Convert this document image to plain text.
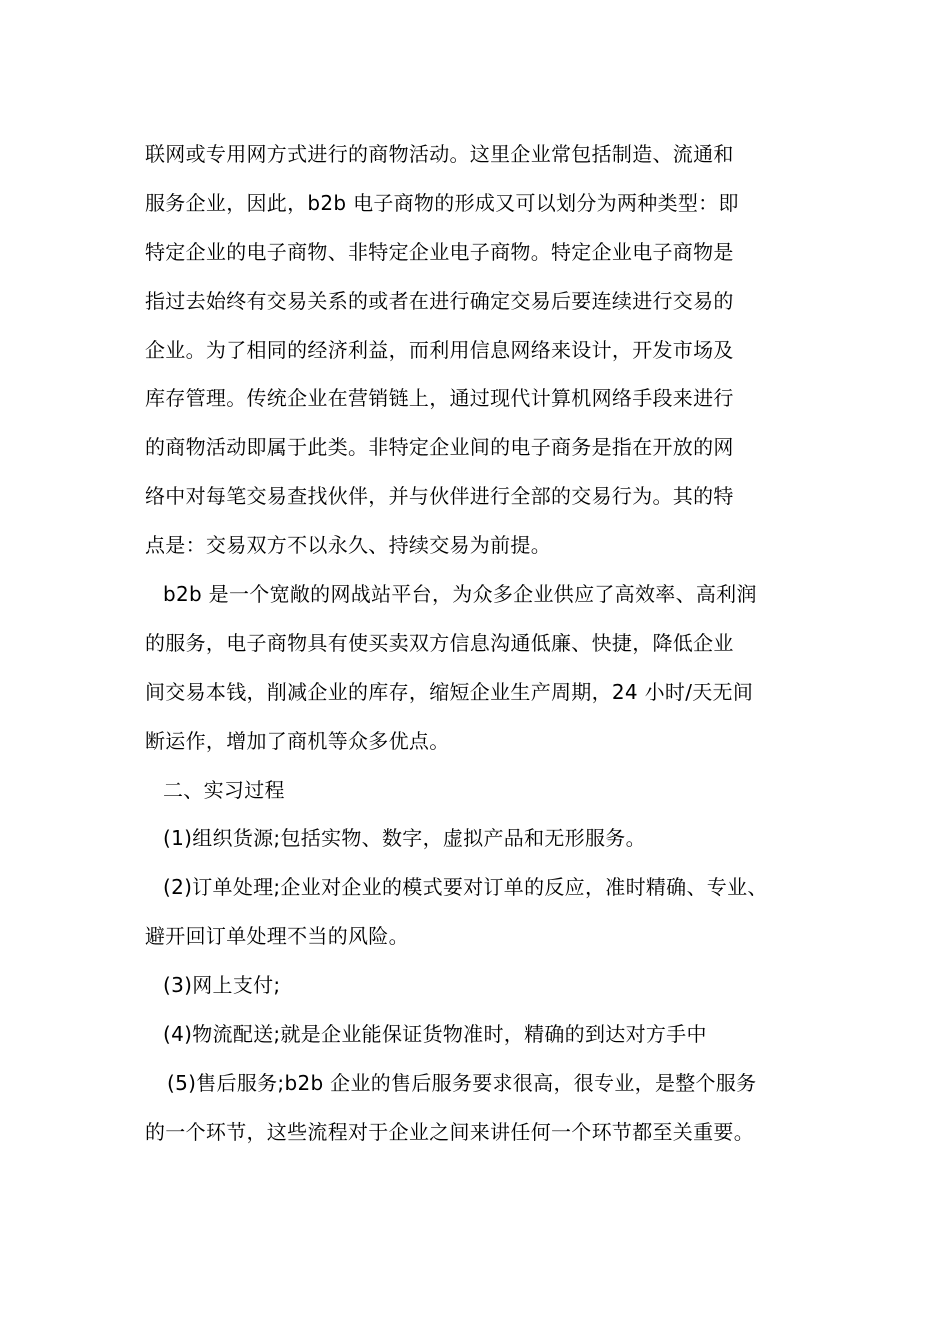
联网或专用网方式进行的商物活动。这里企业常包括制造、流通和
服务企业，因此，b2b 电子商物的形成又可以划分为两种类型：即
特定企业的电子商物、非特定企业电子商物。特定企业电子商物是
指过去始终有交易关系的或者在进行确定交易后要连续进行交易的
企业。为了相同的经济利益，而利用信息网络来设计，开发市场及
库存管理。传统企业在营销链上，通过现代计算机网络手段来进行
的商物活动即属于此类。非特定企业间的电子商务是指在开放的网
络中对每笔交易查找伙伴，并与伙伴进行全部的交易行为。其的特
点是：交易双方不以永久、持续交易为前提。
b2b 是一个宽敞的网战站平台，为众多企业供应了高效率、高利润
的服务，电子商物具有使买卖双方信息沟通低廉、快捷，降低企业
间交易本钱，削减企业的库存，缩短企业生产周期，24 小时/天无间
断运作，增加了商机等众多优点。
二、实习过程
(1)组织货源;包括实物、数字，虚拟产品和无形服务。
(2)订单处理;企业对企业的模式要对订单的反应，准时精确、专业、
避开回订单处理不当的风险。
(3)网上支付;
(4)物流配送;就是企业能保证货物准时，精确的到达对方手中
(5)售后服务;b2b 企业的售后服务要求很高，很专业，是整个服务
的一个环节，这些流程对于企业之间来讲任何一个环节都至关重要。
